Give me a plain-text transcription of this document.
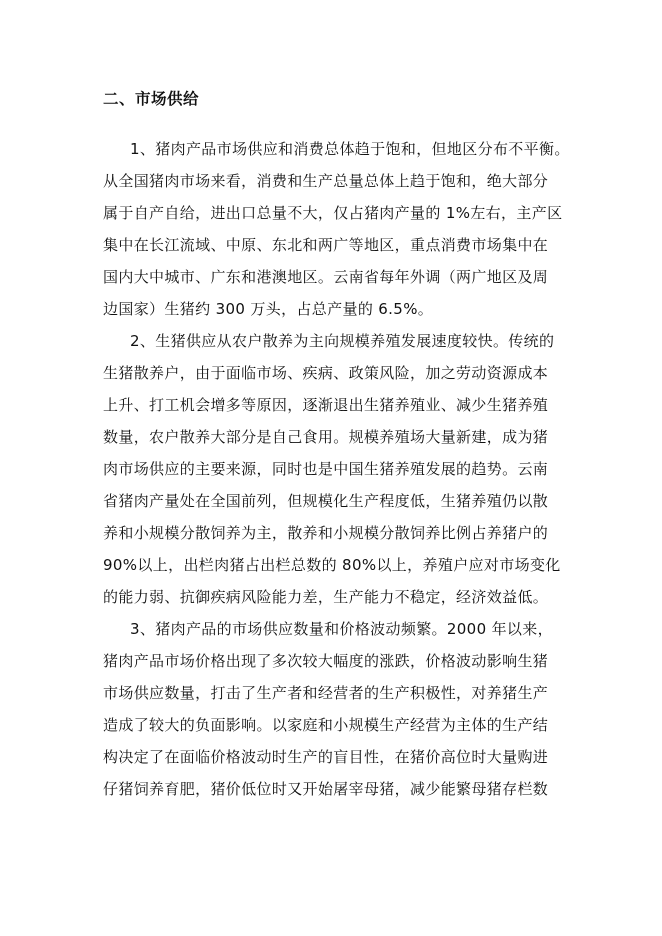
二、市场供给
1、猪肉产品市场供应和消费总体趋于饱和，但地区分布不平衡。
从全国猪肉市场来看，消费和生产总量总体上趋于饱和，绝大部分
属于自产自给，进出口总量不大，仅占猪肉产量的 1%左右，主产区
集中在长江流域、中原、东北和两广等地区，重点消费市场集中在
国内大中城市、广东和港澳地区。云南省每年外调（两广地区及周
边国家）生猪约 300 万头，占总产量的 6.5%。
2、生猪供应从农户散养为主向规模养殖发展速度较快。传统的
生猪散养户，由于面临市场、疾病、政策风险，加之劳动资源成本
上升、打工机会增多等原因，逐渐退出生猪养殖业、减少生猪养殖
数量，农户散养大部分是自己食用。规模养殖场大量新建，成为猪
肉市场供应的主要来源，同时也是中国生猪养殖发展的趋势。云南
省猪肉产量处在全国前列，但规模化生产程度低，生猪养殖仍以散
养和小规模分散饲养为主，散养和小规模分散饲养比例占养猪户的
90%以上，出栏肉猪占出栏总数的 80%以上，养殖户应对市场变化
的能力弱、抗御疾病风险能力差，生产能力不稳定，经济效益低。
3、猪肉产品的市场供应数量和价格波动频繁。2000 年以来，
猪肉产品市场价格出现了多次较大幅度的涨跌，价格波动影响生猪
市场供应数量，打击了生产者和经营者的生产积极性，对养猪生产
造成了较大的负面影响。以家庭和小规模生产经营为主体的生产结
构决定了在面临价格波动时生产的盲目性，在猪价高位时大量购进
仔猪饲养育肥，猪价低位时又开始屠宰母猪，减少能繁母猪存栏数
